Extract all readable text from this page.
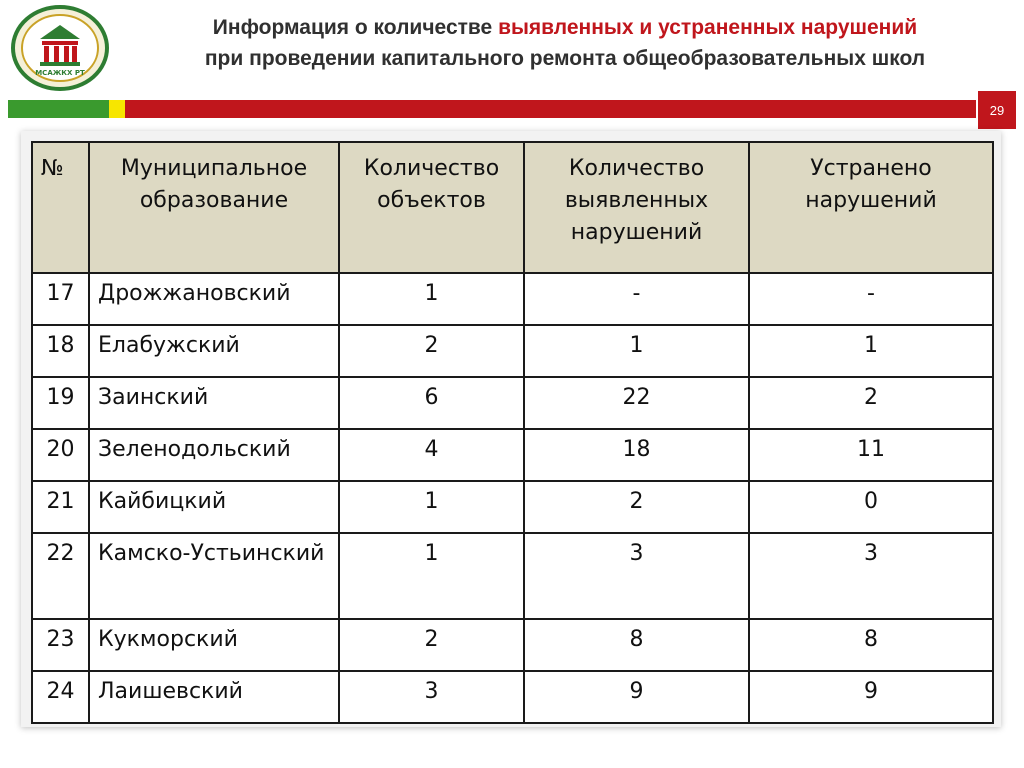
МСАЖКХ РТ
Информация о количестве выявленных и устраненных нарушений
при проведении капитального ремонта общеобразовательных школ
29
№	Муниципальное образование	Количество объектов	Количество выявленных нарушений	Устранено нарушений
17	Дрожжановский	1	-	-
18	Елабужский	2	1	1
19	Заинский	6	22	2
20	Зеленодольский	4	18	11
21	Кайбицкий	1	2	0
22	Камско-Устьинский	1	3	3
23	Кукморский	2	8	8
24	Лаишевский	3	9	9
